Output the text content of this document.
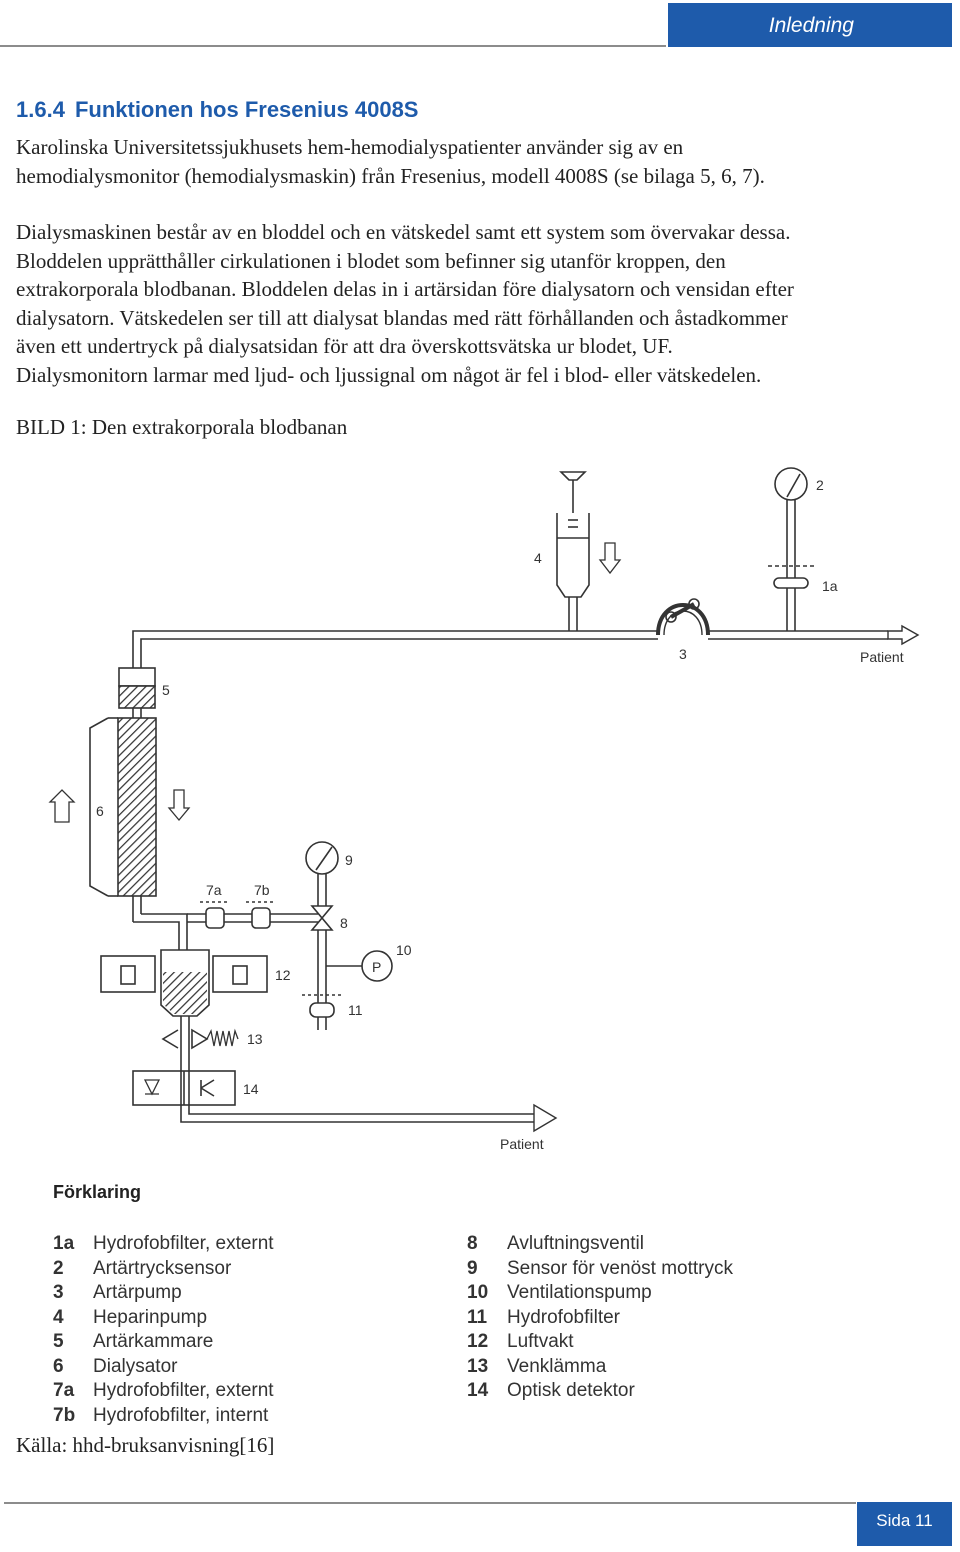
Inledning
1.6.4 Funktionen hos Fresenius 4008S
Karolinska Universitetssjukhusets hem-hemodialyspatienter använder sig av en
hemodialysmonitor (hemodialysmaskin) från Fresenius, modell 4008S (se bilaga 5, 6, 7).
Dialysmaskinen består av en bloddel och en vätskedel samt ett system som övervakar dessa.
Bloddelen upprätthåller cirkulationen i blodet som befinner sig utanför kroppen, den
extrakorporala blodbanan. Bloddelen delas in i artärsidan före dialysatorn och vensidan efter
dialysatorn. Vätskedelen ser till att dialysat blandas med rätt förhållanden och åstadkommer
även ett undertryck på dialysatsidan för att dra överskottsvätska ur blodet, UF.
Dialysmonitorn larmar med ljud- och ljussignal om något är fel i blod- eller vätskedelen.
BILD 1: Den extrakorporala blodbanan
2
1a
4
3	Patient
5
6
9
7a 7b
8
10
P
12
11
13
14
Patient
Förklaring
1a Hydrofobfilter, externt
2 Artärtrycksensor
3 Artärpump
4 Heparinpump
5 Artärkammare
6 Dialysator
7a Hydrofobfilter, externt
7b Hydrofobfilter, internt
8 Avluftningsventil
9 Sensor för venöst mottryck
10 Ventilationspump
11 Hydrofobfilter
12 Luftvakt
13 Venklämma
14 Optisk detektor
Källa: hhd-bruksanvisning[16]
Sida 11
